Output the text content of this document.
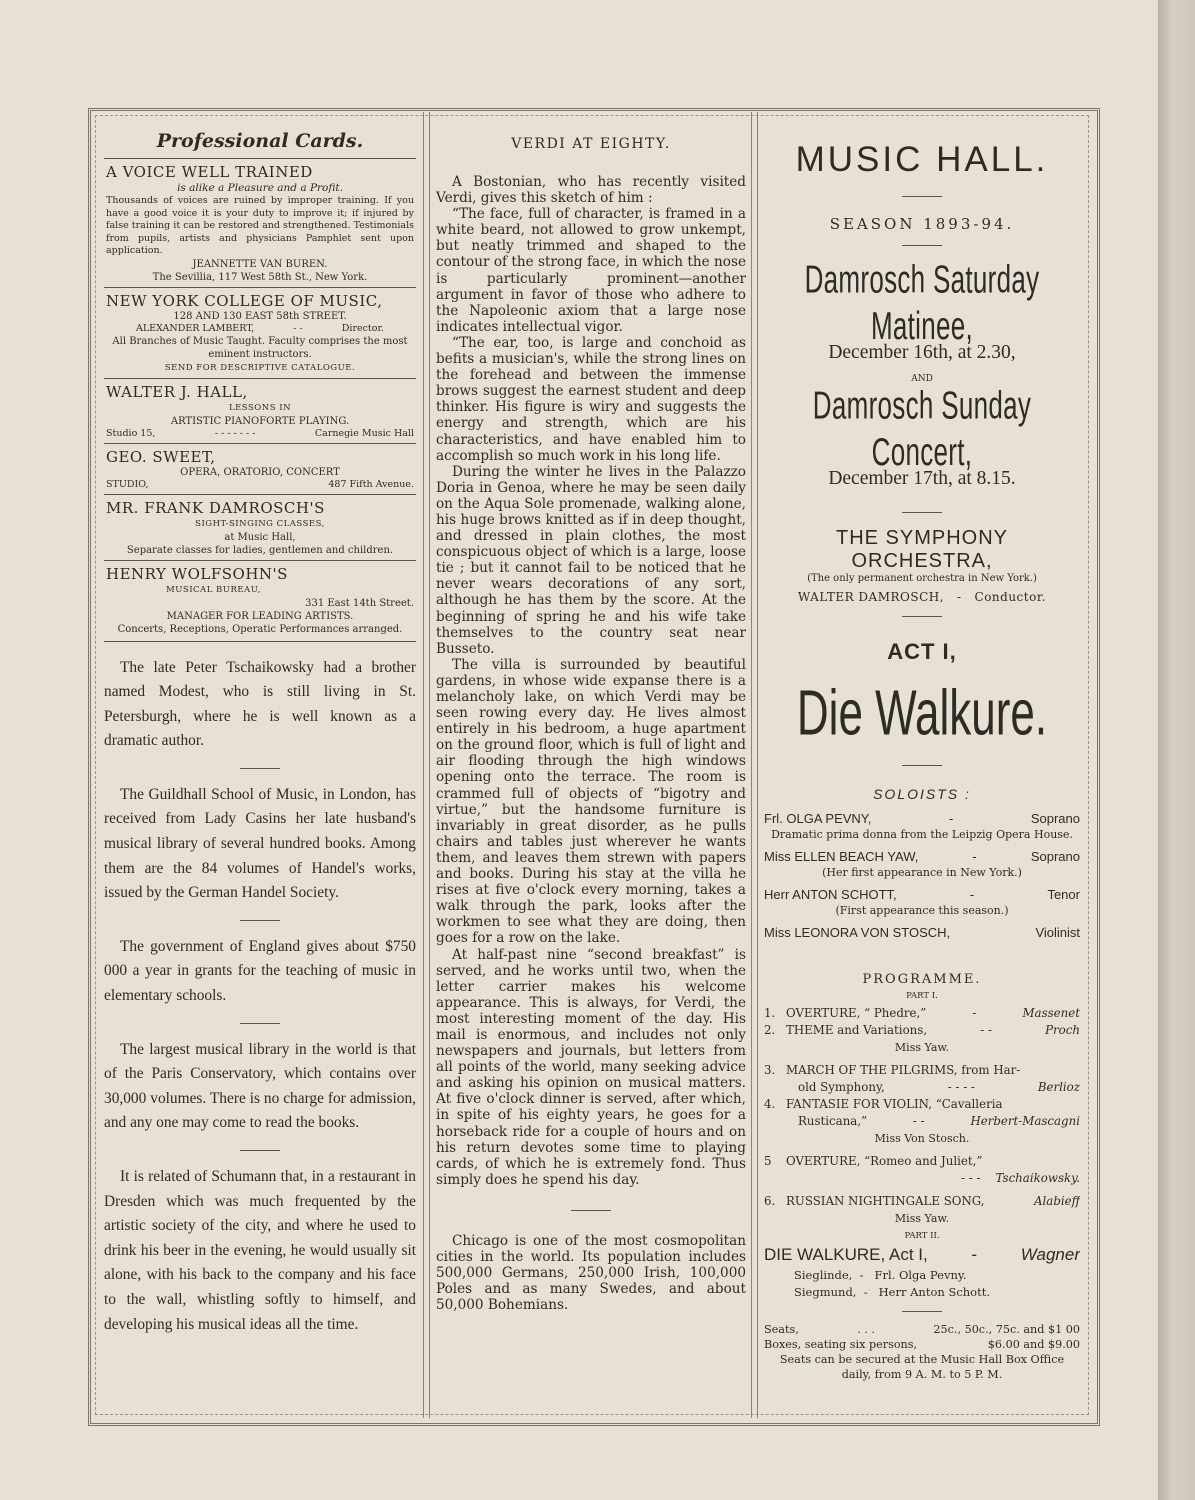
Professional Cards.
A VOICE WELL TRAINED
is alike a Pleasure and a Profit.
Thousands of voices are ruined by improper training. If you have a good voice it is your duty to improve it; if injured by false training it can be restored and strengthened. Testimonials from pupils, artists and physicians Pamphlet sent upon application.
JEANNETTE VAN BUREN.
The Sevillia, 117 West 58th St., New York.
NEW YORK COLLEGE OF MUSIC,
128 AND 130 EAST 58th STREET.
ALEXANDER LAMBERT,	- -	Director.
All Branches of Music Taught. Faculty comprises the most eminent instructors.
SEND FOR DESCRIPTIVE CATALOGUE.
WALTER J. HALL,
LESSONS IN
ARTISTIC PIANOFORTE PLAYING.
Studio 15,	- - - - - - -	Carnegie Music Hall
GEO. SWEET,
OPERA, ORATORIO, CONCERT
STUDIO,	487 Fifth Avenue.
MR. FRANK DAMROSCH'S
SIGHT-SINGING CLASSES,
at Music Hall,
Separate classes for ladies, gentlemen and children.
HENRY WOLFSOHN'S
MUSICAL BUREAU,
331 East 14th Street.
MANAGER FOR LEADING ARTISTS.
Concerts, Receptions, Operatic Performances arranged.

The late Peter Tschaikowsky had a brother named Modest, who is still living in St. Petersburgh, where he is well known as a dramatic author.

The Guildhall School of Music, in London, has received from Lady Casins her late husband's musical library of several hundred books. Among them are the 84 volumes of Handel's works, issued by the German Handel Society.

The government of England gives about $750 000 a year in grants for the teaching of music in elementary schools.

The largest musical library in the world is that of the Paris Conservatory, which contains over 30,000 volumes. There is no charge for admission, and any one may come to read the books.

It is related of Schumann that, in a restaurant in Dresden which was much frequented by the artistic society of the city, and where he used to drink his beer in the evening, he would usually sit alone, with his back to the company and his face to the wall, whistling softly to himself, and developing his musical ideas all the time.

VERDI AT EIGHTY.

A Bostonian, who has recently visited Verdi, gives this sketch of him :

“The face, full of character, is framed in a white beard, not allowed to grow unkempt, but neatly trimmed and shaped to the contour of the strong face, in which the nose is particularly prominent—another argument in favor of those who adhere to the Napoleonic axiom that a large nose indicates intellectual vigor.

“The ear, too, is large and conchoid as befits a musician's, while the strong lines on the forehead and between the immense brows suggest the earnest student and deep thinker. His figure is wiry and suggests the energy and strength, which are his characteristics, and have enabled him to accomplish so much work in his long life.

During the winter he lives in the Palazzo Doria in Genoa, where he may be seen daily on the Aqua Sole promenade, walking alone, his huge brows knitted as if in deep thought, and dressed in plain clothes, the most conspicuous object of which is a large, loose tie ; but it cannot fail to be noticed that he never wears decorations of any sort, although he has them by the score. At the beginning of spring he and his wife take themselves to the country seat near Busseto.

The villa is surrounded by beautiful gardens, in whose wide expanse there is a melancholy lake, on which Verdi may be seen rowing every day. He lives almost entirely in his bedroom, a huge apartment on the ground floor, which is full of light and air flooding through the high windows opening onto the terrace. The room is crammed full of objects of “bigotry and virtue,” but the handsome furniture is invariably in great disorder, as he pulls chairs and tables just wherever he wants them, and leaves them strewn with papers and books. During his stay at the villa he rises at five o'clock every morning, takes a walk through the park, looks after the workmen to see what they are doing, then goes for a row on the lake.

At half-past nine “second breakfast” is served, and he works until two, when the letter carrier makes his welcome appearance. This is always, for Verdi, the most interesting moment of the day. His mail is enormous, and includes not only newspapers and journals, but letters from all points of the world, many seeking advice and asking his opinion on musical matters. At five o'clock dinner is served, after which, in spite of his eighty years, he goes for a horseback ride for a couple of hours and on his return devotes some time to playing cards, of which he is extremely fond. Thus simply does he spend his day.

Chicago is one of the most cosmopolitan cities in the world. Its population includes 500,000 Germans, 250,000 Irish, 100,000 Poles and as many Swedes, and about 50,000 Bohemians.

MUSIC HALL.
SEASON 1893-94.
Damrosch Saturday Matinee,
December 16th, at 2.30,
AND
Damrosch Sunday Concert,
December 17th, at 8.15.
THE SYMPHONY ORCHESTRA,
(The only permanent orchestra in New York.)
WALTER DAMROSCH,   -   Conductor.
ACT I,
Die Walkure.
SOLOISTS :
Frl. OLGA PEVNY,	-	Soprano
Dramatic prima donna from the Leipzig Opera House.
Miss ELLEN BEACH YAW,	-	Soprano
(Her first appearance in New York.)
Herr ANTON SCHOTT,	-	Tenor
(First appearance this season.)
Miss LEONORA VON STOSCH,	Violinist
PROGRAMME.
PART I.
1. OVERTURE, “ Phedre,”	-	Massenet
2. THEME and Variations,	- -	Proch
Miss Yaw.
3. MARCH OF THE PILGRIMS, from Har-
old Symphony,	- - - -	Berlioz
4. FANTASIE FOR VIOLIN, “Cavalleria
Rusticana,”	- -	Herbert-Mascagni
Miss Von Stosch.
5	OVERTURE, “Romeo and Juliet,”
- - - Tschaikowsky.
6. RUSSIAN NIGHTINGALE SONG,	Alabieff
Miss Yaw.
PART II.
DIE WALKURE, Act I,	-	Wagner
Sieglinde,  -   Frl. Olga Pevny.
Siegmund,  -   Herr Anton Schott.
Seats,	. . .	25c., 50c., 75c. and $1 00
Boxes, seating six persons,	$6.00 and $9.00
Seats can be secured at the Music Hall Box Office daily, from 9 A. M. to 5 P. M.
